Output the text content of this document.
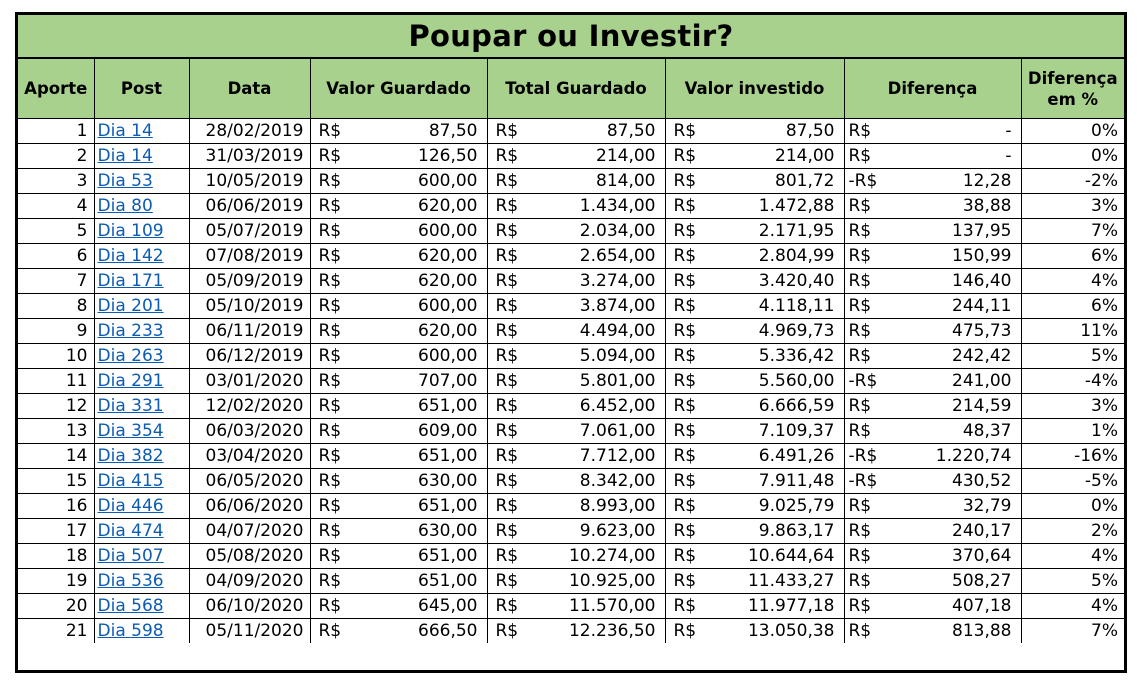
Poupar ou Investir?
Aporte	Post	Data	Valor Guardado	Total Guardado	Valor investido	Diferença	Diferença
em %
1	Dia 14	28/02/2019	R$ 87,50	R$ 87,50	R$ 87,50	R$ -	0%
2	Dia 14	31/03/2019	R$ 126,50	R$ 214,00	R$ 214,00	R$ -	0%
3	Dia 53	10/05/2019	R$ 600,00	R$ 814,00	R$ 801,72	-R$ 12,28	-2%
4	Dia 80	06/06/2019	R$ 620,00	R$ 1.434,00	R$ 1.472,88	R$ 38,88	3%
5	Dia 109	05/07/2019	R$ 600,00	R$ 2.034,00	R$ 2.171,95	R$ 137,95	7%
6	Dia 142	07/08/2019	R$ 620,00	R$ 2.654,00	R$ 2.804,99	R$ 150,99	6%
7	Dia 171	05/09/2019	R$ 620,00	R$ 3.274,00	R$ 3.420,40	R$ 146,40	4%
8	Dia 201	05/10/2019	R$ 600,00	R$ 3.874,00	R$ 4.118,11	R$ 244,11	6%
9	Dia 233	06/11/2019	R$ 620,00	R$ 4.494,00	R$ 4.969,73	R$ 475,73	11%
10	Dia 263	06/12/2019	R$ 600,00	R$ 5.094,00	R$ 5.336,42	R$ 242,42	5%
11	Dia 291	03/01/2020	R$ 707,00	R$ 5.801,00	R$ 5.560,00	-R$ 241,00	-4%
12	Dia 331	12/02/2020	R$ 651,00	R$ 6.452,00	R$ 6.666,59	R$ 214,59	3%
13	Dia 354	06/03/2020	R$ 609,00	R$ 7.061,00	R$ 7.109,37	R$ 48,37	1%
14	Dia 382	03/04/2020	R$ 651,00	R$ 7.712,00	R$ 6.491,26	-R$ 1.220,74	-16%
15	Dia 415	06/05/2020	R$ 630,00	R$ 8.342,00	R$ 7.911,48	-R$ 430,52	-5%
16	Dia 446	06/06/2020	R$ 651,00	R$ 8.993,00	R$ 9.025,79	R$ 32,79	0%
17	Dia 474	04/07/2020	R$ 630,00	R$ 9.623,00	R$ 9.863,17	R$ 240,17	2%
18	Dia 507	05/08/2020	R$ 651,00	R$ 10.274,00	R$ 10.644,64	R$ 370,64	4%
19	Dia 536	04/09/2020	R$ 651,00	R$ 10.925,00	R$ 11.433,27	R$ 508,27	5%
20	Dia 568	06/10/2020	R$ 645,00	R$ 11.570,00	R$ 11.977,18	R$ 407,18	4%
21	Dia 598	05/11/2020	R$ 666,50	R$ 12.236,50	R$ 13.050,38	R$ 813,88	7%
